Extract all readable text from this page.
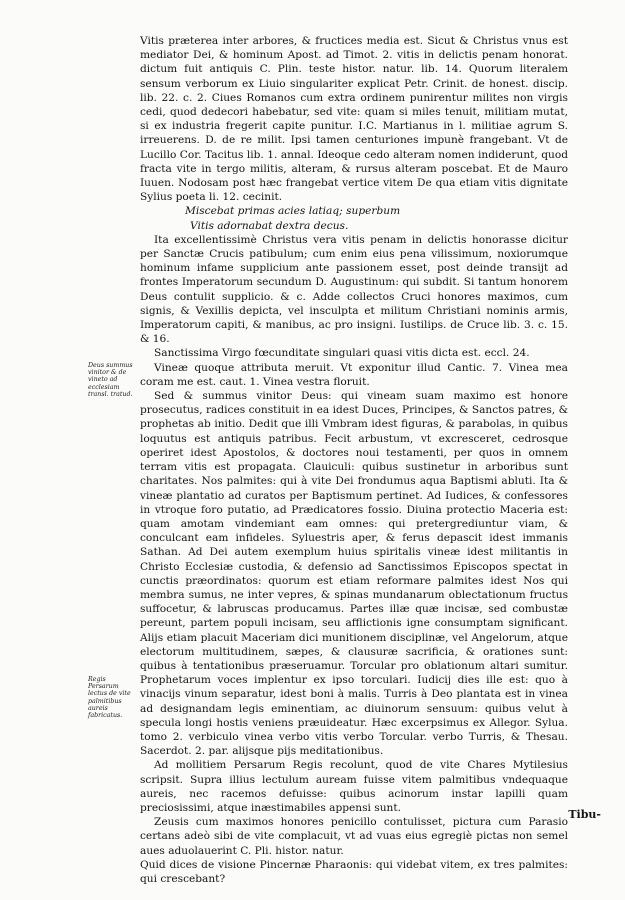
Vitis præterea inter arbores, & fructices media est. Sicut & Christus vnus est mediator Dei, & hominum Apost. ad Timot. 2. vitis in delictis penam honorat. dictum fuit antiquis C. Plin. teste histor. natur. lib. 14. Quorum literalem sensum verborum ex Liuio singulariter explicat Petr. Crinit. de honest. discip. lib. 22. c. 2. Ciues Romanos cum extra ordinem punirentur milites non virgis cedi, quod dedecori habebatur, sed vite: quam si miles tenuit, militiam mutat, si ex industria fregerit capite punitur. I.C. Martianus in l. militiae agrum S. irreuerens. D. de re milit. Ipsi tamen centuriones impunè frangebant. Vt de Lucillo Cor. Tacitus lib. 1. annal. Ideoque cedo alteram nomen indiderunt, quod fracta vite in tergo militis, alteram, & rursus alteram poscebat. Et de Mauro Iuuen. Nodosam post hæc frangebat vertice vitem De qua etiam vitis dignitate Sylius poeta li. 12. cecinit.

Miscebat primas acies latiaq; superbum

Vitis adornabat dextra decus.

Ita excellentissimè Christus vera vitis penam in delictis honorasse dicitur per Sanctæ Crucis patibulum; cum enim eius pena vilissimum, noxiorumque hominum infame supplicium ante passionem esset, post deinde transijt ad frontes Imperatorum secundum D. Augustinum: qui subdit. Si tantum honorem Deus contulit supplicio. & c. Adde collectos Cruci honores maximos, cum signis, & Vexillis depicta, vel insculpta et militum Christiani nominis armis, Imperatorum capiti, & manibus, ac pro insigni. Iustilips. de Cruce lib. 3. c. 15. & 16.

Sanctissima Virgo fœcunditate singulari quasi vitis dicta est. eccl. 24.

Vineæ quoque attributa meruit. Vt exponitur illud Cantic. 7. Vinea mea coram me est. caut. 1. Vinea vestra floruit.

Sed & summus vinitor Deus: qui vineam suam maximo est honore prosecutus, radices constituit in ea idest Duces, Principes, & Sanctos patres, & prophetas ab initio. Dedit que illi Vmbram idest figuras, & parabolas, in quibus loquutus est antiquis patribus. Fecit arbustum, vt excresceret, cedrosque operiret idest Apostolos, & doctores noui testamenti, per quos in omnem terram vitis est propagata. Clauiculi: quibus sustinetur in arboribus sunt charitates. Nos palmites: qui à vite Dei frondumus aqua Baptismi abluti. Ita & vineæ plantatio ad curatos per Baptismum pertinet. Ad Iudices, & confessores in vtroque foro putatio, ad Prædicatores fossio. Diuina protectio Maceria est: quam amotam vindemiant eam omnes: qui pretergrediuntur viam, & conculcant eam infideles. Syluestris aper, & ferus depascit idest immanis Sathan. Ad Dei autem exemplum huius spiritalis vineæ idest militantis in Christo Ecclesiæ custodia, & defensio ad Sanctissimos Episcopos spectat in cunctis præordinatos: quorum est etiam reformare palmites idest Nos qui membra sumus, ne inter vepres, & spinas mundanarum oblectationum fructus suffocetur, & labruscas producamus. Partes illæ quæ incisæ, sed combustæ pereunt, partem populi incisam, seu afflictionis igne consumptam significant. Alijs etiam placuit Maceriam dici munitionem disciplinæ, vel Angelorum, atque electorum multitudinem, sæpes, & clausuræ sacrificia, & orationes sunt: quibus à tentationibus præseruamur. Torcular pro oblationum altari sumitur. Prophetarum voces implentur ex ipso torculari. Iudicij dies ille est: quo à vinacijs vinum separatur, idest boni à malis. Turris à Deo plantata est in vinea ad designandam legis eminentiam, ac diuinorum sensuum: quibus velut à specula longi hostis veniens præuideatur. Hæc excerpsimus ex Allegor. Sylua. tomo 2. verbiculo vinea verbo vitis verbo Torcular. verbo Turris, & Thesau. Sacerdot. 2. par. alijsque pijs meditationibus.

Ad mollitiem Persarum Regis recolunt, quod de vite Chares Mytilesius scripsit. Supra illius lectulum auream fuisse vitem palmitibus vndequaque aureis, nec racemos defuisse: quibus acinorum instar lapilli quam preciosissimi, atque inæstimabiles appensi sunt.

Zeusis cum maximos honores penicillo contulisset, pictura cum Parasio certans adeò sibi de vite complacuit, vt ad vuas eius egregiè pictas non semel aues aduolauerint C. Pli. histor. natur.

Quid dices de visione Pincernæ Pharaonis: qui videbat vitem, ex tres palmites: qui crescebant?

Deus summus vinitor & de vineto ad ecclesiam transl. tratud.
Regis Persarum lectus de vite palmitibus aureis fabricatus.
Tibu-
